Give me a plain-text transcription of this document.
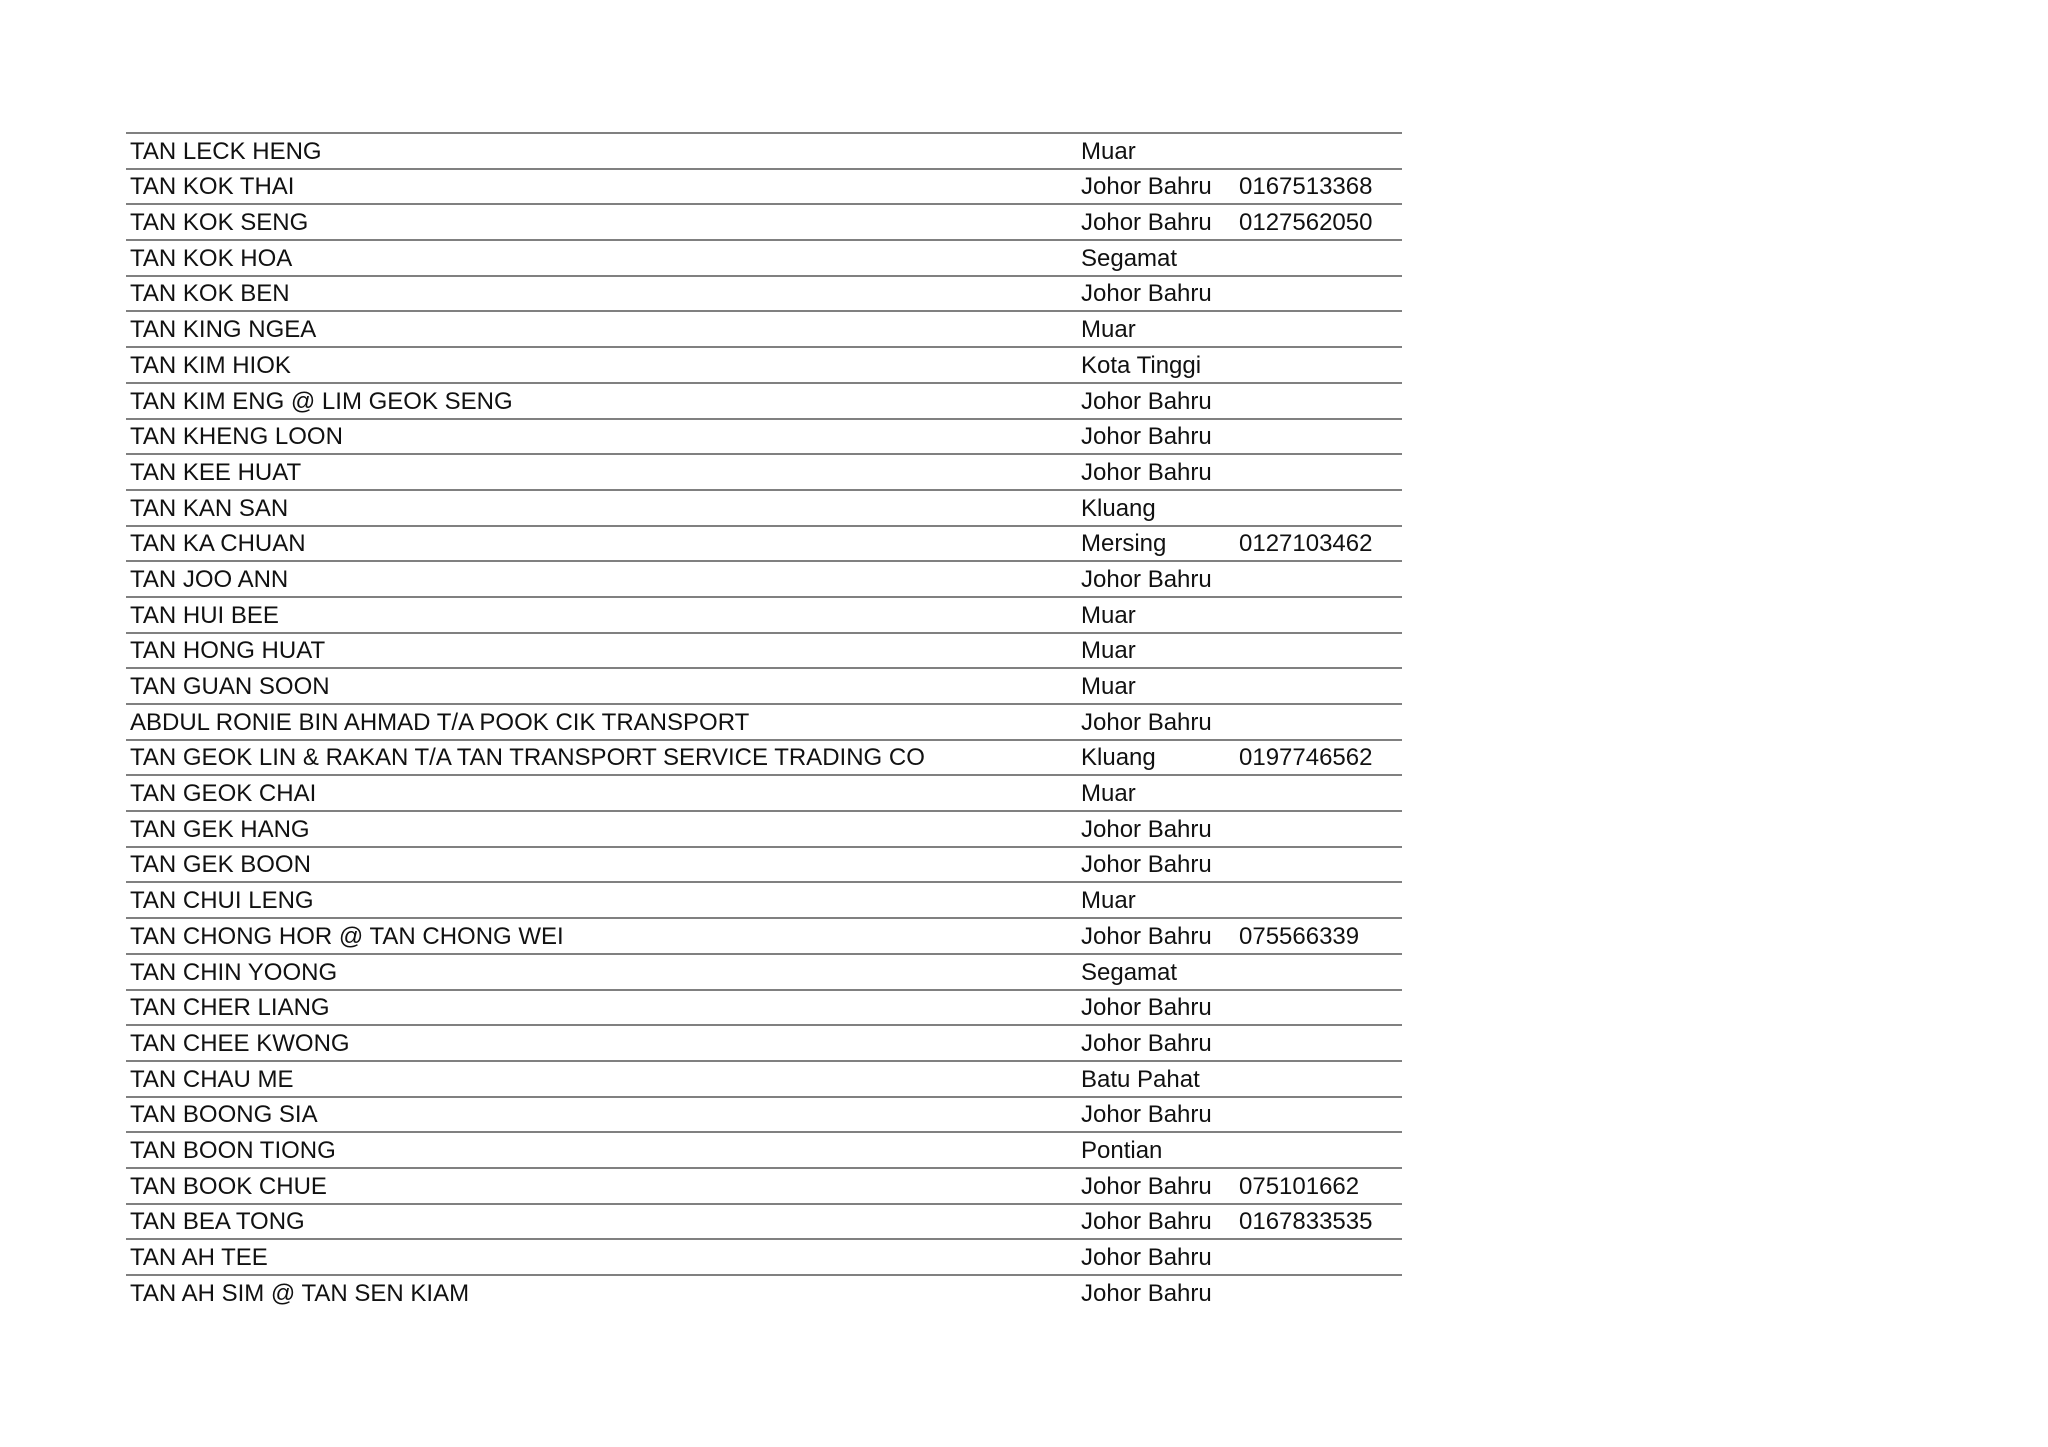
TAN LECK HENG	Muar
TAN KOK THAI	Johor Bahru	0167513368
TAN KOK SENG	Johor Bahru	0127562050
TAN KOK HOA	Segamat
TAN KOK BEN	Johor Bahru
TAN KING NGEA	Muar
TAN KIM HIOK	Kota Tinggi
TAN KIM ENG @ LIM GEOK SENG	Johor Bahru
TAN KHENG LOON	Johor Bahru
TAN KEE HUAT	Johor Bahru
TAN KAN SAN	Kluang
TAN KA CHUAN	Mersing	0127103462
TAN JOO ANN	Johor Bahru
TAN HUI BEE	Muar
TAN HONG HUAT	Muar
TAN GUAN SOON	Muar
ABDUL RONIE BIN AHMAD T/A POOK CIK TRANSPORT	Johor Bahru
TAN GEOK LIN & RAKAN T/A TAN TRANSPORT SERVICE TRADING CO	Kluang	0197746562
TAN GEOK CHAI	Muar
TAN GEK HANG	Johor Bahru
TAN GEK BOON	Johor Bahru
TAN CHUI LENG	Muar
TAN CHONG HOR @ TAN CHONG WEI	Johor Bahru	075566339
TAN CHIN YOONG	Segamat
TAN CHER LIANG	Johor Bahru
TAN CHEE KWONG	Johor Bahru
TAN CHAU ME	Batu Pahat
TAN BOONG SIA	Johor Bahru
TAN BOON TIONG	Pontian
TAN BOOK CHUE	Johor Bahru	075101662
TAN BEA TONG	Johor Bahru	0167833535
TAN AH TEE	Johor Bahru
TAN AH SIM @ TAN SEN KIAM	Johor Bahru
